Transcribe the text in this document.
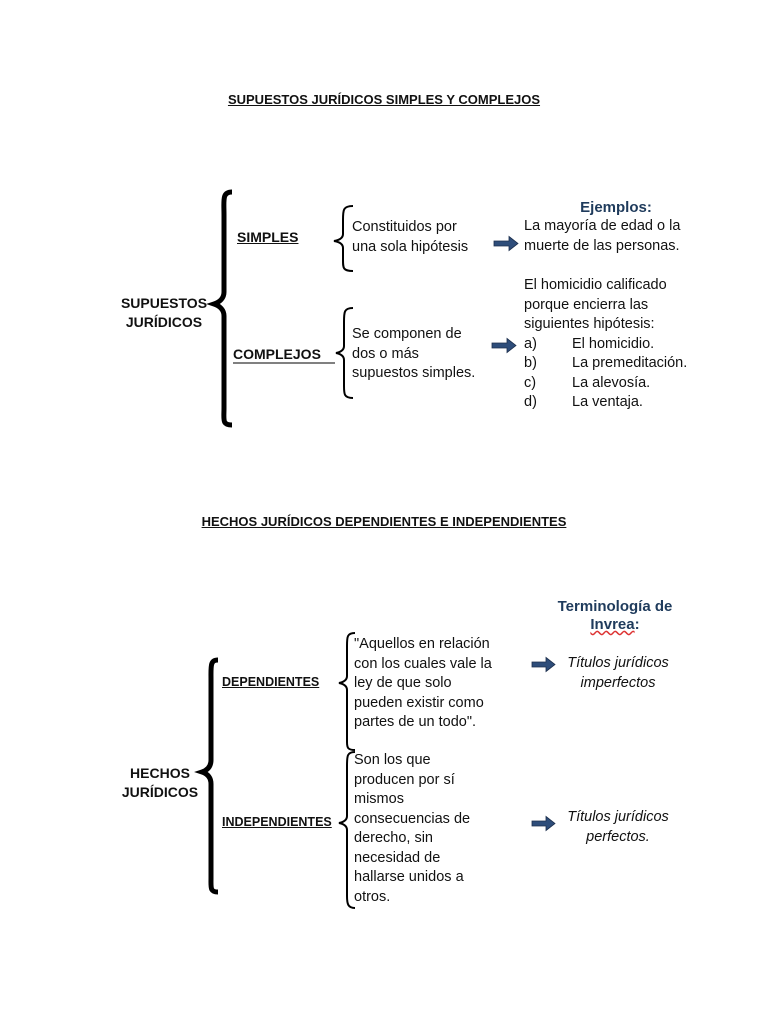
SUPUESTOS JURÍDICOS SIMPLES Y COMPLEJOS
SUPUESTOS
JURÍDICOS
SIMPLES
COMPLEJOS
Constituidos por
una sola hipótesis
Se componen de
dos o más
supuestos simples.
Ejemplos:
La mayoría de edad o la
muerte de las personas.
El homicidio calificado
porque encierra las
siguientes hipótesis:
a) El homicidio.
b) La premeditación.
c) La alevosía.
d) La ventaja.
HECHOS JURÍDICOS DEPENDIENTES E INDEPENDIENTES
HECHOS
JURÍDICOS
DEPENDIENTES
INDEPENDIENTES
"Aquellos en relación
con los cuales vale la
ley de que solo
pueden existir como
partes de un todo".
Son los que
producen por sí
mismos
consecuencias de
derecho, sin
necesidad de
hallarse unidos a
otros.
Terminología de
Invrea:
Títulos jurídicos
imperfectos
Títulos jurídicos
perfectos.
